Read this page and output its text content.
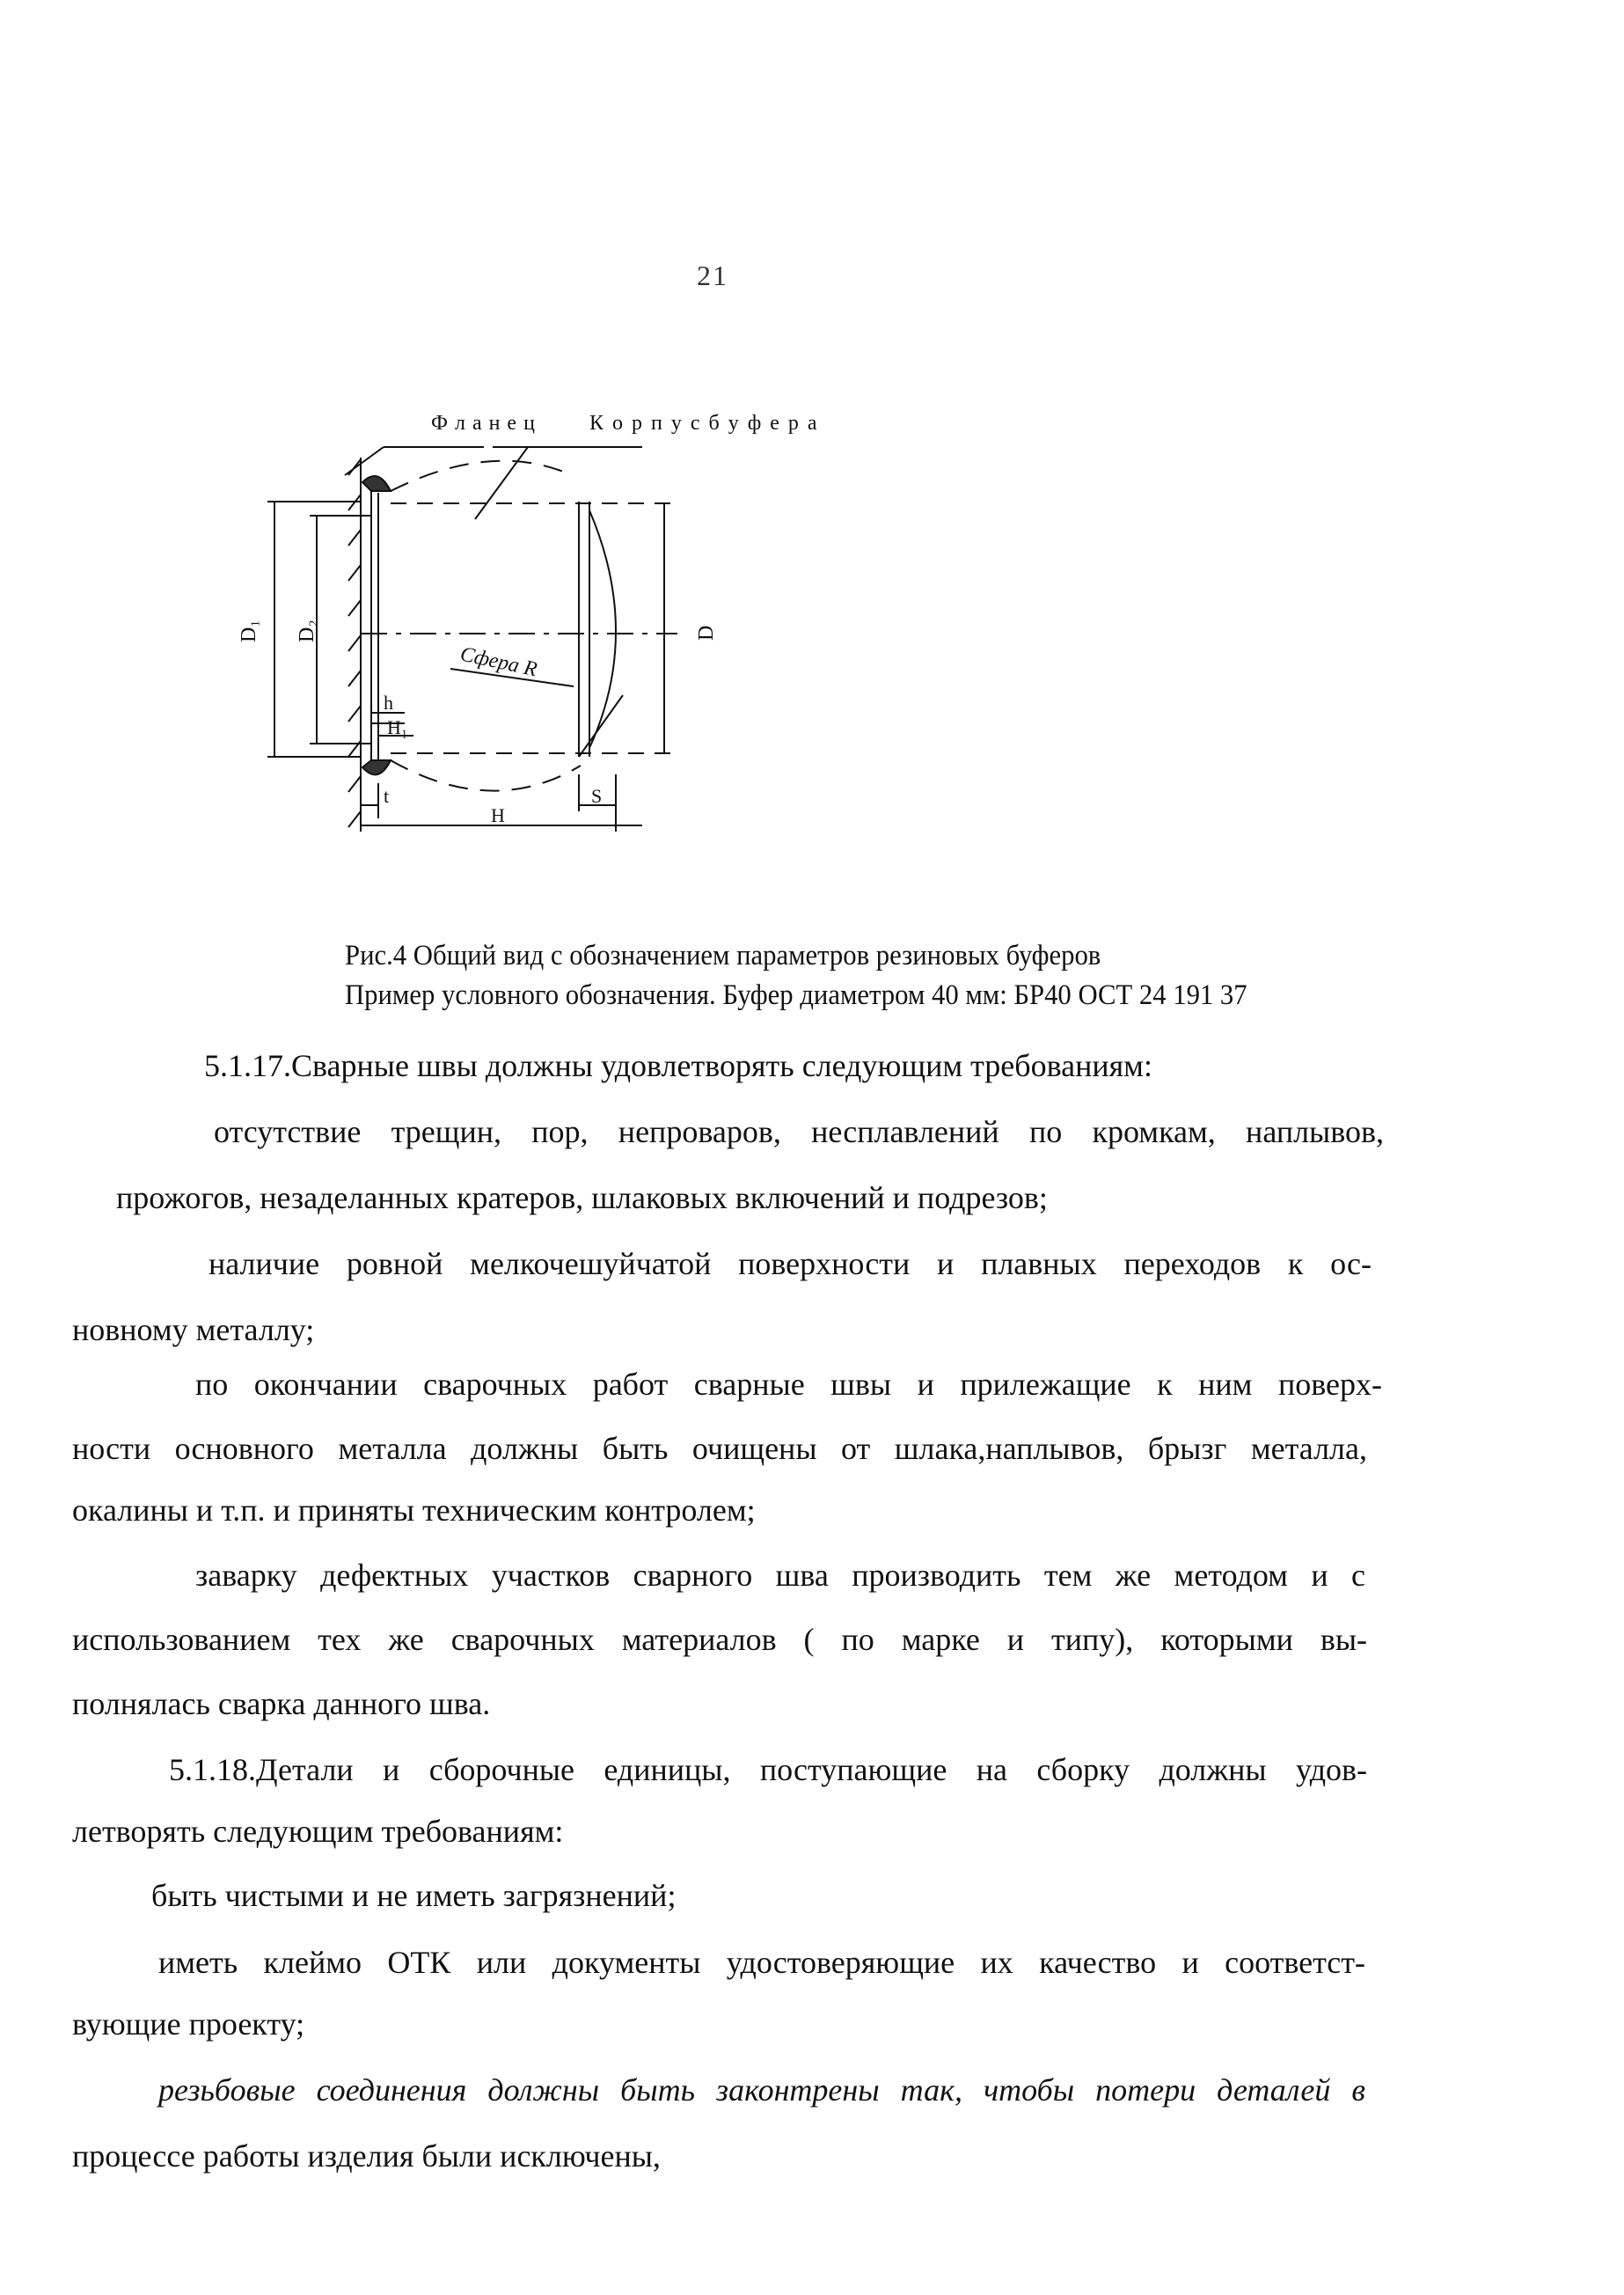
21
Ф л а н е ц	К о р п у с б у ф е р а
D₁ D₂	D
Сфера R
h
H₁
t
H
S
Рис.4 Общий вид с обозначением параметров резиновых буферов
Пример условного обозначения. Буфер диаметром 40 мм: БР40 ОСТ 24 191 37
5.1.17.Сварные швы должны удовлетворять следующим требованиям:
отсутствие трещин, пор, непроваров, несплавлений по кромкам, наплывов,
прожогов, незаделанных кратеров, шлаковых включений и подрезов;
наличие ровной мелкочешуйчатой поверхности и плавных переходов к ос-
новному металлу;
по окончании сварочных работ сварные швы и прилежащие к ним поверх-
ности основного металла должны быть очищены от шлака,наплывов, брызг металла,
окалины и т.п. и приняты техническим контролем;
заварку дефектных участков сварного шва производить тем же методом и с
использованием тех же сварочных материалов ( по марке и типу), которыми вы-
полнялась сварка данного шва.
5.1.18.Детали и сборочные единицы, поступающие на сборку должны удов-
летворять следующим требованиям:
быть чистыми и не иметь загрязнений;
иметь клеймо ОТК или документы удостоверяющие их качество и соответст-
вующие проекту;
резьбовые соединения должны быть законтрены так, чтобы потери деталей в
процессе работы изделия были исключены,
